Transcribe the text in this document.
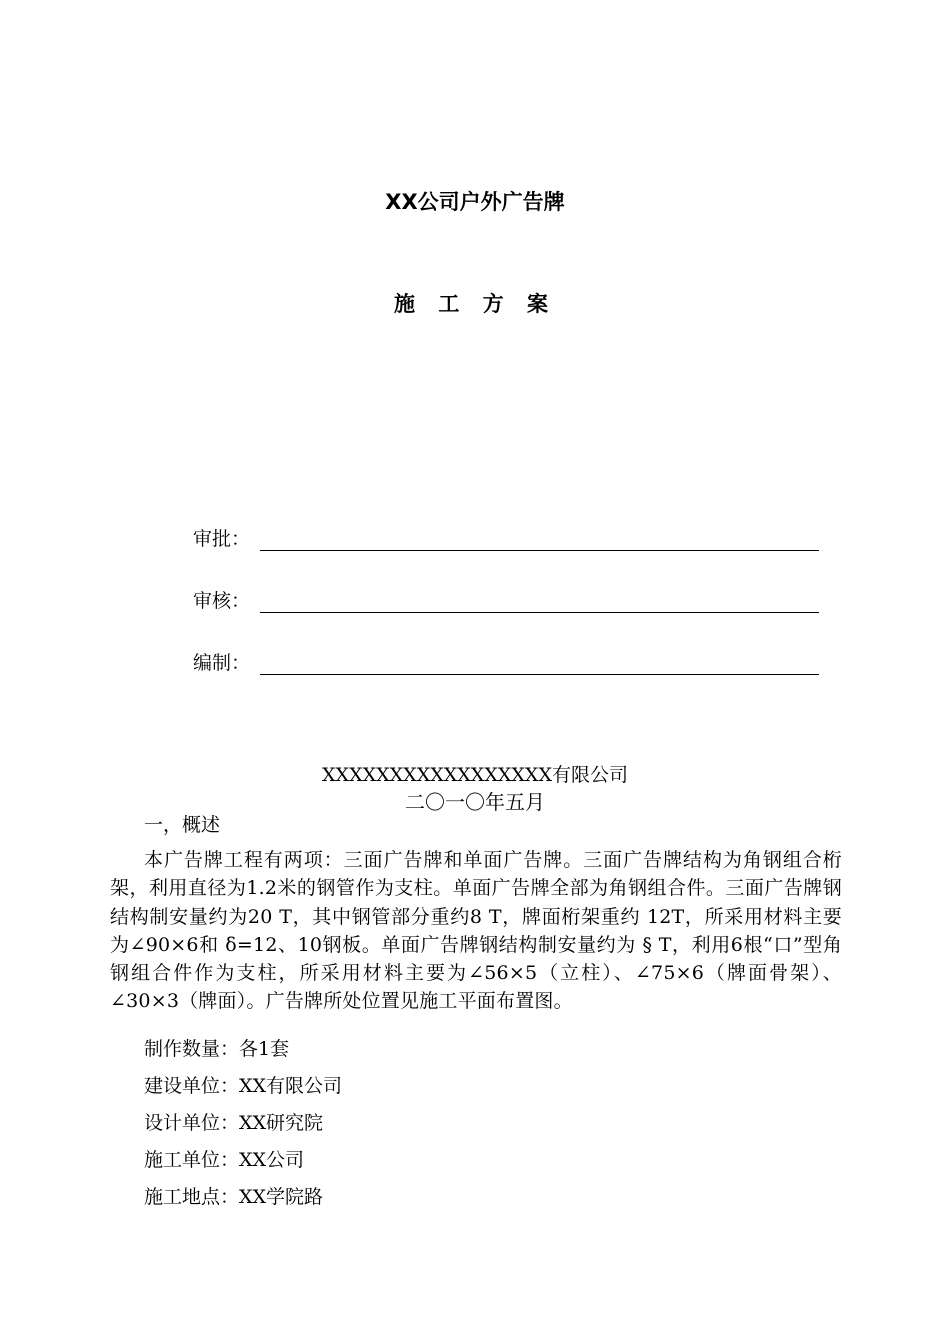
XX公司户外广告牌
施 工 方 案
审批：
审核：
编制：
XXXXXXXXXXXXXXXXX有限公司
二〇一〇年五月
一，概述
本广告牌工程有两项：三面广告牌和单面广告牌。三面广告牌结构为角钢组合桁架，利用直径为1.2米的钢管作为支柱。单面广告牌全部为角钢组合件。三面广告牌钢结构制安量约为20 T，其中钢管部分重约8 T，牌面桁架重约 12T，所采用材料主要为∠90×6和 δ=12、10钢板。单面广告牌钢结构制安量约为 § T，利用6根“口”型角钢组合件作为支柱，所采用材料主要为∠56×5（立柱）、∠75×6（牌面骨架）、∠30×3（牌面）。广告牌所处位置见施工平面布置图。
制作数量：各1套
建设单位：XX有限公司
设计单位：XX研究院
施工单位：XX公司
施工地点：XX学院路
